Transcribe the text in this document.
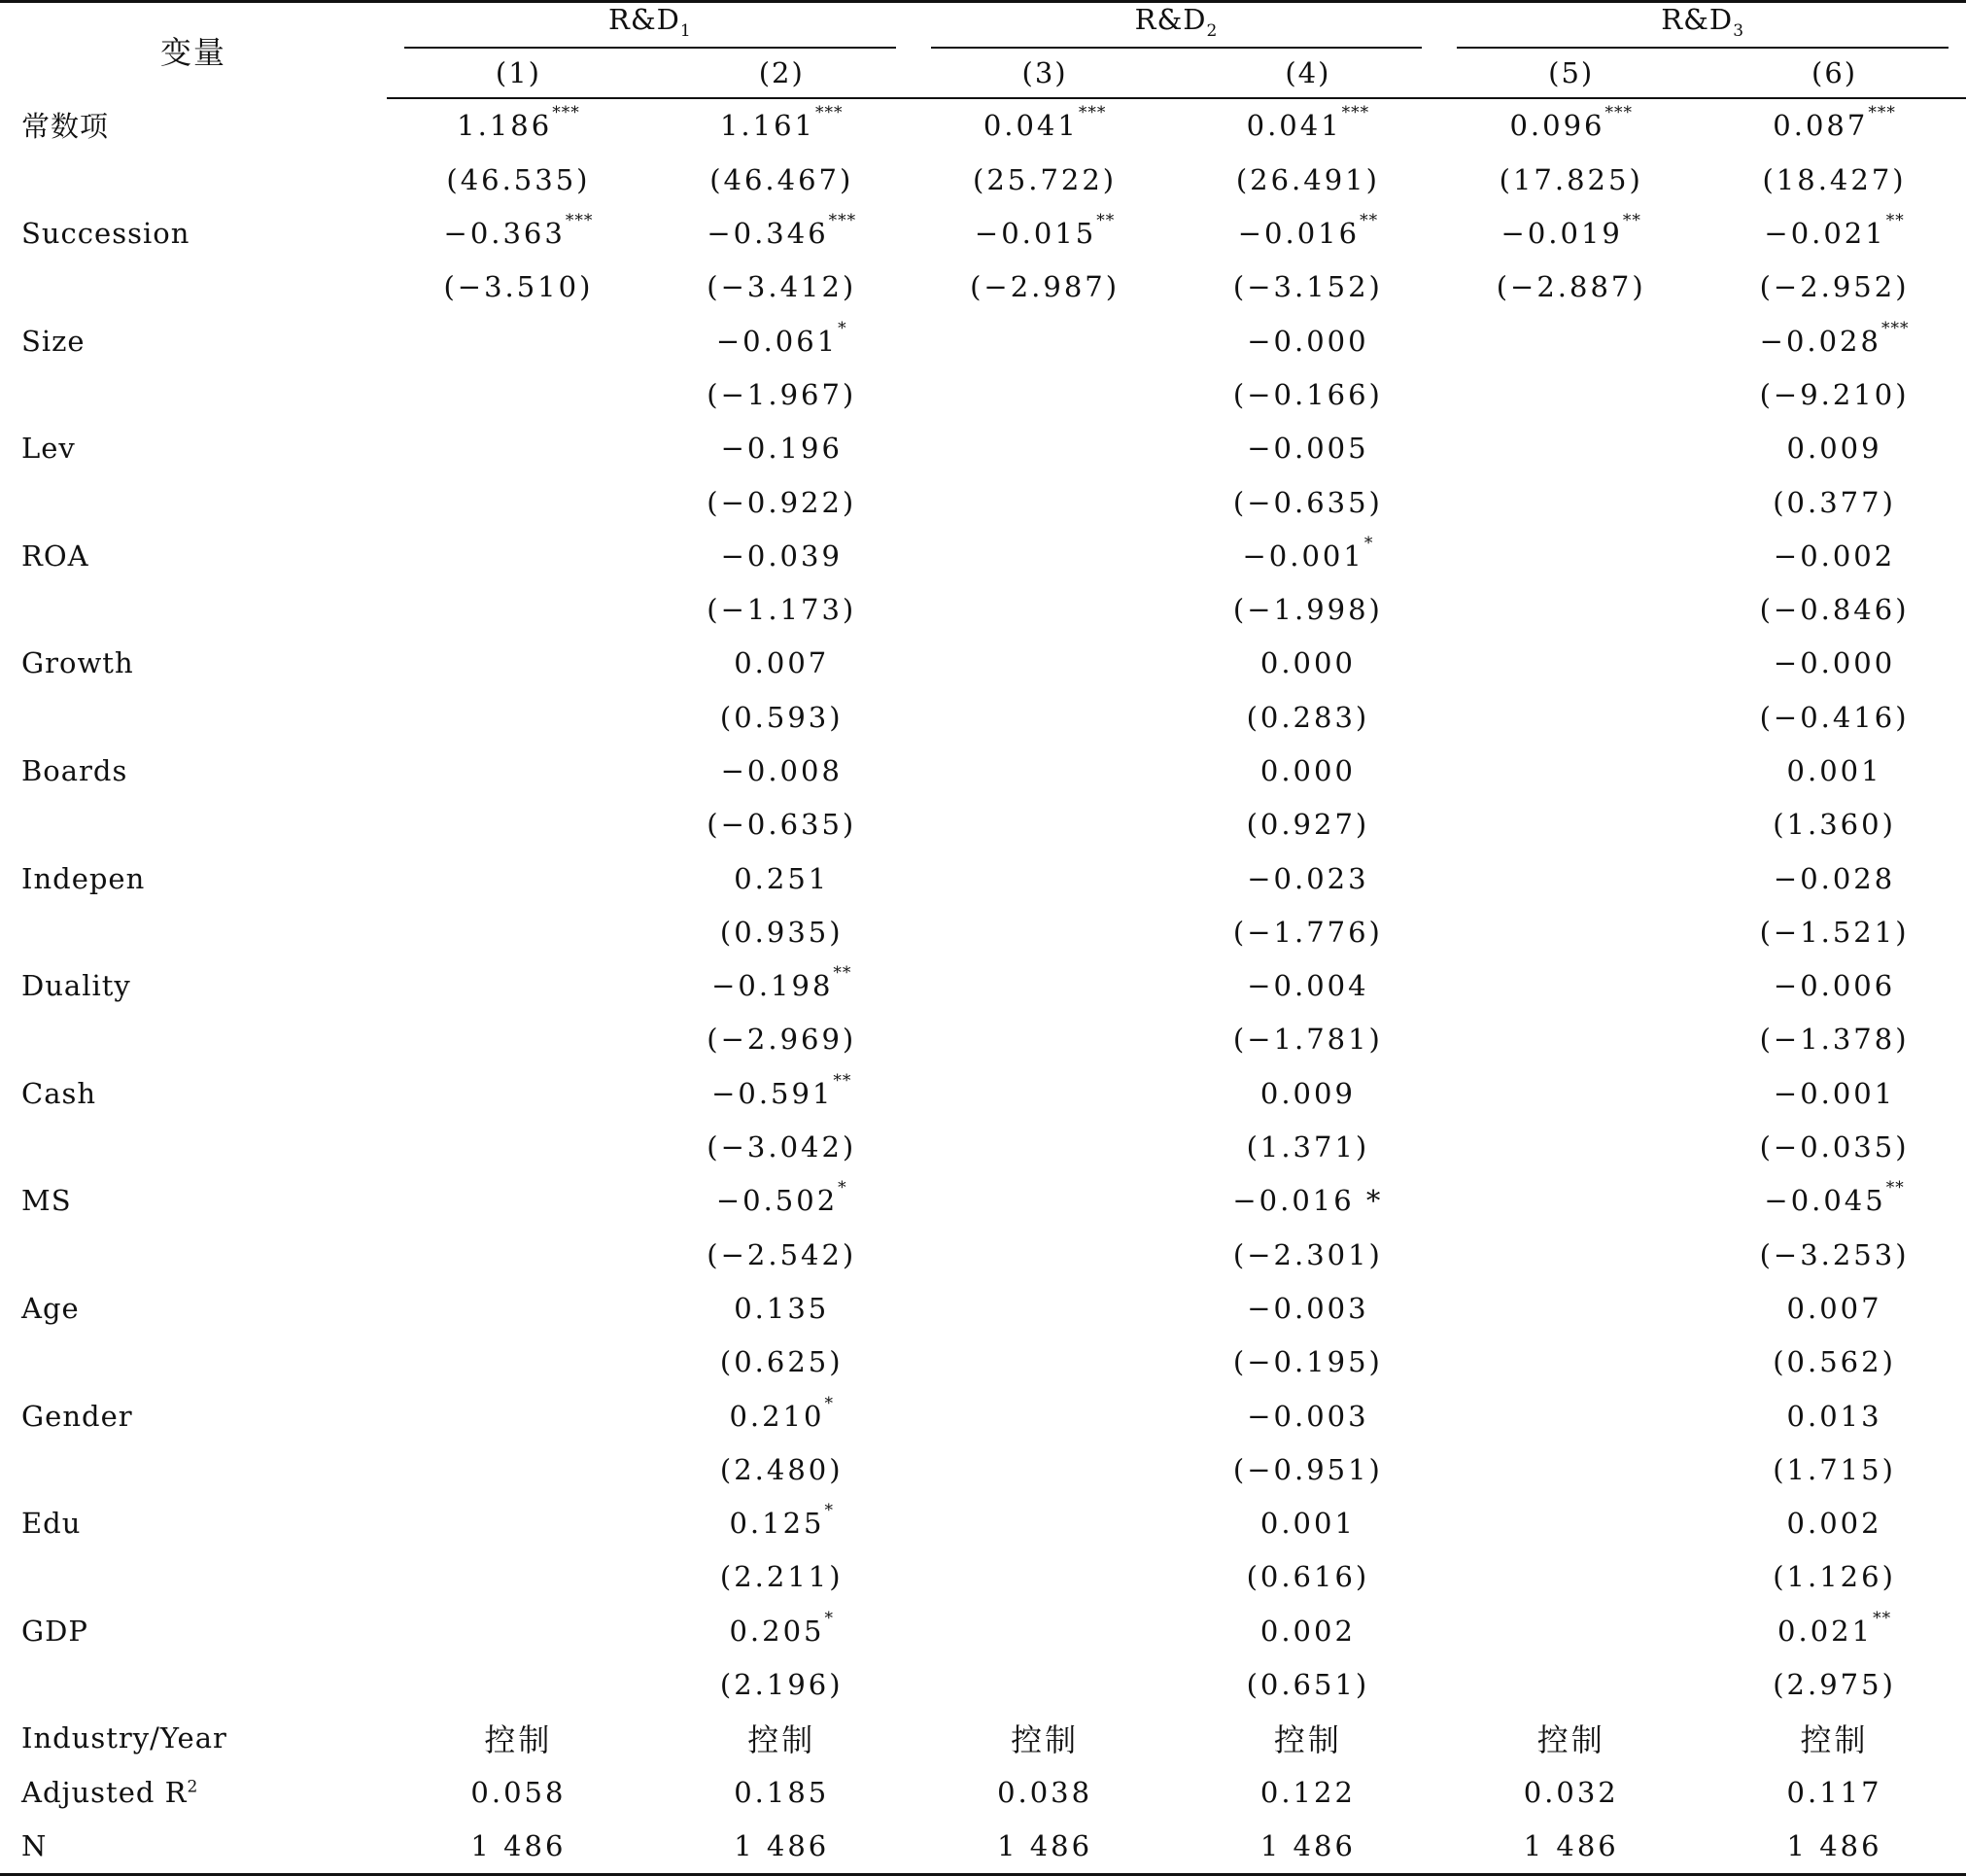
变量	$R\&D_1$		$R\&D_2$		$R\&D_3$

	(1)	(2)	(3)	(4)	(5)	(6)
常数项	1.186***	1.161***	0.041***	0.041***	0.096***	0.087***
	(46.535)	(46.467)	(25.722)	(26.491)	(17.825)	(18.427)
Succession	−0.363***	−0.346***	−0.015**	−0.016**	−0.019**	−0.021**
	(−3.510)	(−3.412)	(−2.987)	(−3.152)	(−2.887)	(−2.952)
Size		−0.061*		−0.000		−0.028***
		(−1.967)		(−0.166)		(−9.210)
Lev		−0.196		−0.005		0.009
		(−0.922)		(−0.635)		(0.377)
ROA		−0.039		−0.001*		−0.002
		(−1.173)		(−1.998)		(−0.846)
Growth		0.007		0.000		−0.000
		(0.593)		(0.283)		(−0.416)
Boards		−0.008		0.000		0.001
		(−0.635)		(0.927)		(1.360)
Indepen		0.251		−0.023		−0.028
		(0.935)		(−1.776)		(−1.521)
Duality		−0.198**		−0.004		−0.006
		(−2.969)		(−1.781)		(−1.378)
Cash		−0.591**		0.009		−0.001
		(−3.042)		(1.371)		(−0.035)
MS		−0.502*		−0.016 *		−0.045**
		(−2.542)		(−2.301)		(−3.253)
Age		0.135		−0.003		0.007
		(0.625)		(−0.195)		(0.562)
Gender		0.210*		−0.003		0.013
		(2.480)		(−0.951)		(1.715)
Edu		0.125*		0.001		0.002
		(2.211)		(0.616)		(1.126)
GDP		0.205*		0.002		0.021**
		(2.196)		(0.651)		(2.975)
Industry/Year	控制	控制	控制	控制	控制	控制
Adjusted $R^2$	0.058	0.185	0.038	0.122	0.032	0.117
N	1 486	1 486	1 486	1 486	1 486	1 486
